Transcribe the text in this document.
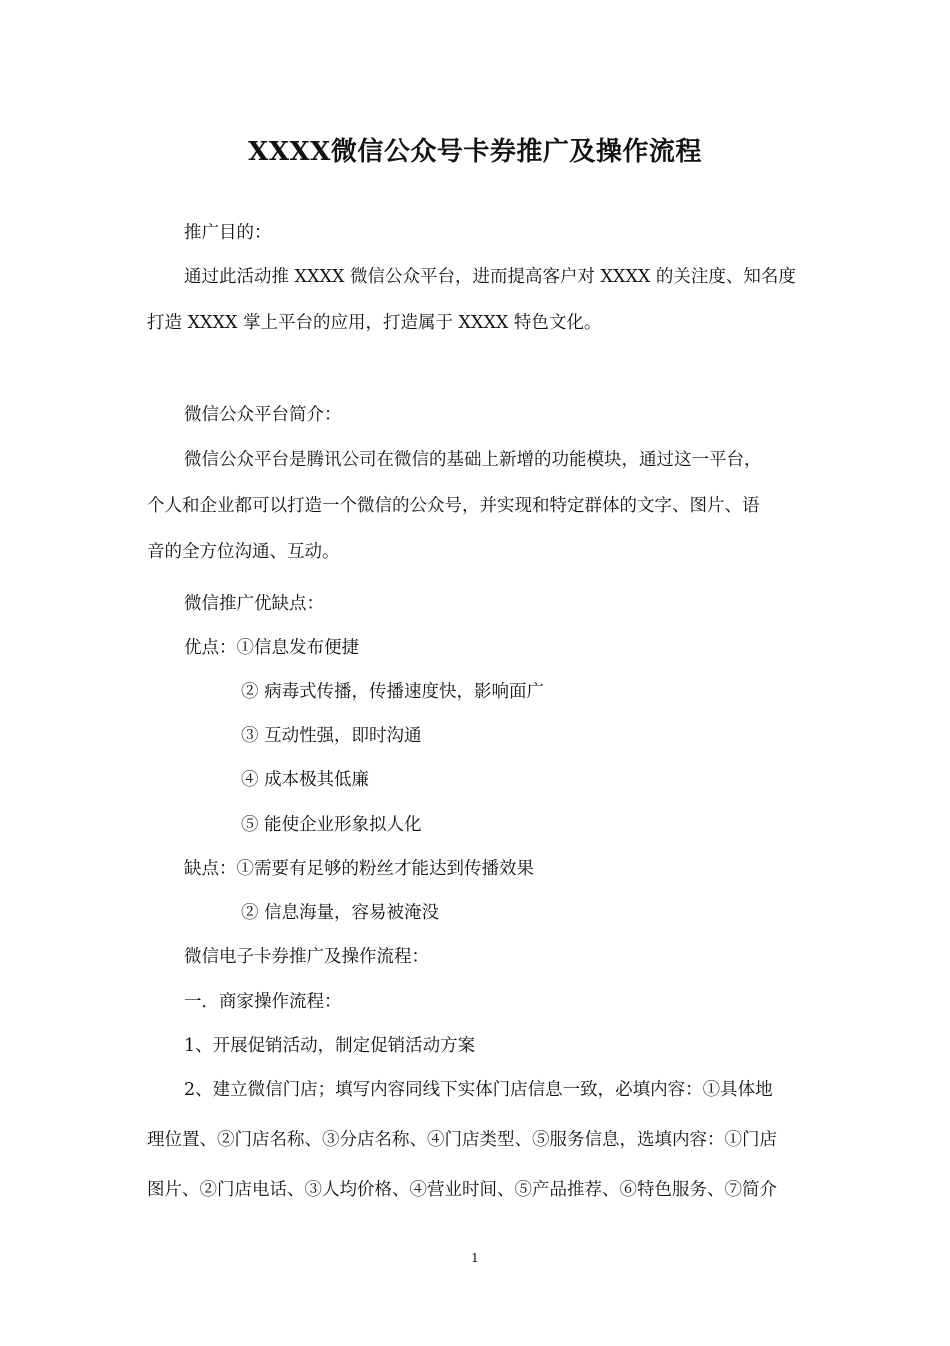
XXXX微信公众号卡券推广及操作流程

推广目的：

通过此活动推 XXXX 微信公众平台，进而提高客户对 XXXX 的关注度、知名度
打造 XXXX 掌上平台的应用，打造属于 XXXX 特色文化。

微信公众平台简介：

微信公众平台是腾讯公司在微信的基础上新增的功能模块，通过这一平台，
个人和企业都可以打造一个微信的公众号，并实现和特定群体的文字、图片、语
音的全方位沟通、互动。

微信推广优缺点：

优点：①信息发布便捷

② 病毒式传播，传播速度快，影响面广

③ 互动性强，即时沟通

④ 成本极其低廉

⑤ 能使企业形象拟人化

缺点：①需要有足够的粉丝才能达到传播效果

② 信息海量，容易被淹没

微信电子卡券推广及操作流程：

一．商家操作流程：

1、开展促销活动，制定促销活动方案

2、建立微信门店；填写内容同线下实体门店信息一致，必填内容：①具体地
理位置、②门店名称、③分店名称、④门店类型、⑤服务信息，选填内容：①门店
图片、②门店电话、③人均价格、④营业时间、⑤产品推荐、⑥特色服务、⑦简介
1
